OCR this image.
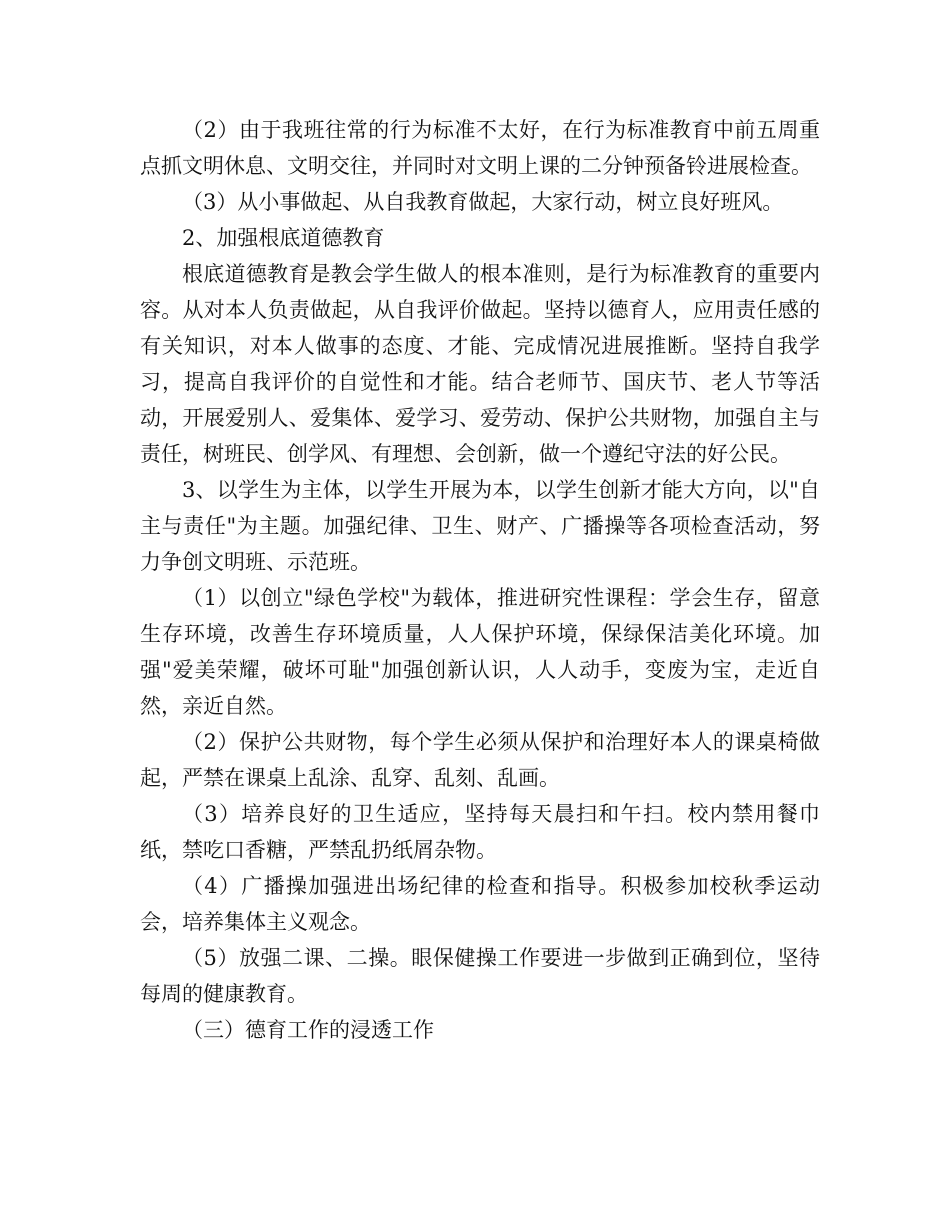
（2）由于我班往常的行为标准不太好，在行为标准教育中前五周重点抓文明休息、文明交往，并同时对文明上课的二分钟预备铃进展检查。

（3）从小事做起、从自我教育做起，大家行动，树立良好班风。

2、加强根底道德教育

根底道德教育是教会学生做人的根本准则，是行为标准教育的重要内容。从对本人负责做起，从自我评价做起。坚持以德育人，应用责任感的有关知识，对本人做事的态度、才能、完成情况进展推断。坚持自我学习，提高自我评价的自觉性和才能。结合老师节、国庆节、老人节等活动，开展爱别人、爱集体、爱学习、爱劳动、保护公共财物，加强自主与责任，树班民、创学风、有理想、会创新，做一个遵纪守法的好公民。

3、以学生为主体，以学生开展为本，以学生创新才能大方向，以"自主与责任"为主题。加强纪律、卫生、财产、广播操等各项检查活动，努力争创文明班、示范班。

（1）以创立"绿色学校"为载体，推进研究性课程：学会生存，留意生存环境，改善生存环境质量，人人保护环境，保绿保洁美化环境。加强"爱美荣耀，破坏可耻"加强创新认识，人人动手，变废为宝，走近自然，亲近自然。

（2）保护公共财物，每个学生必须从保护和治理好本人的课桌椅做起，严禁在课桌上乱涂、乱穿、乱刻、乱画。

（3）培养良好的卫生适应，坚持每天晨扫和午扫。校内禁用餐巾纸，禁吃口香糖，严禁乱扔纸屑杂物。

（4）广播操加强进出场纪律的检查和指导。积极参加校秋季运动会，培养集体主义观念。

（5）放强二课、二操。眼保健操工作要进一步做到正确到位，坚待每周的健康教育。

（三）德育工作的浸透工作
